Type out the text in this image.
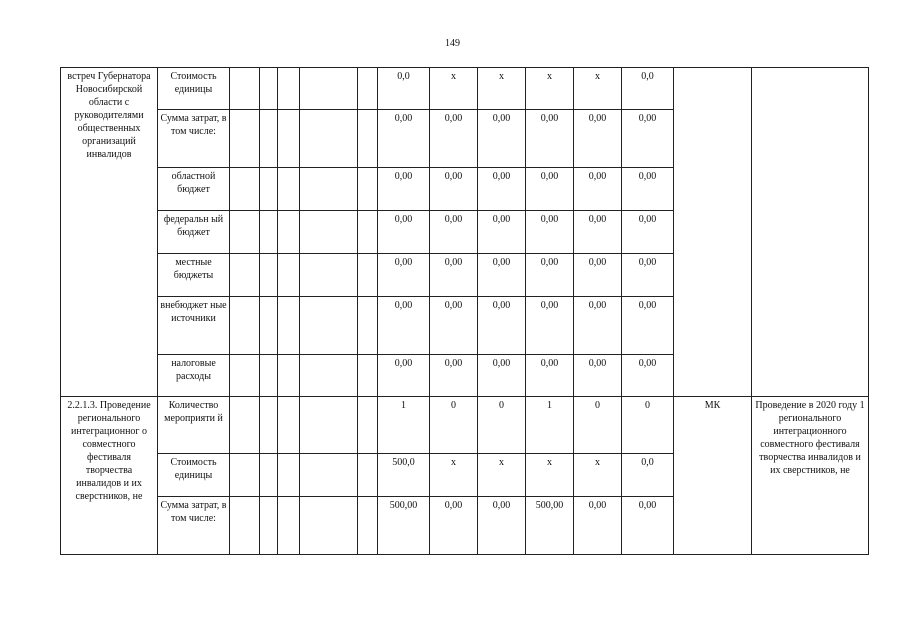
149
встреч Губернатора Новосибирской области с руководителями общественных организаций инвалидов	Стоимость единицы						0,0	х	х	х	х	0,0		
	Сумма затрат, в том числе:						0,00	0,00	0,00	0,00	0,00	0,00		
	областной бюджет						0,00	0,00	0,00	0,00	0,00	0,00		
	федеральн ый бюджет						0,00	0,00	0,00	0,00	0,00	0,00		
	местные бюджеты						0,00	0,00	0,00	0,00	0,00	0,00		
	внебюджет ные источники						0,00	0,00	0,00	0,00	0,00	0,00		
	налоговые расходы						0,00	0,00	0,00	0,00	0,00	0,00		
2.2.1.3. Проведение регионального интеграционног о совместного фестиваля творчества инвалидов и их сверстников, не	Количество мероприяти й						1	0	0	1	0	0	МК	Проведение в 2020 году 1 регионального интеграционного совместного фестиваля творчества инвалидов и их сверстников, не
	Стоимость единицы						500,0	х	х	х	х	0,0		
	Сумма затрат, в том числе:						500,00	0,00	0,00	500,00	0,00	0,00		
